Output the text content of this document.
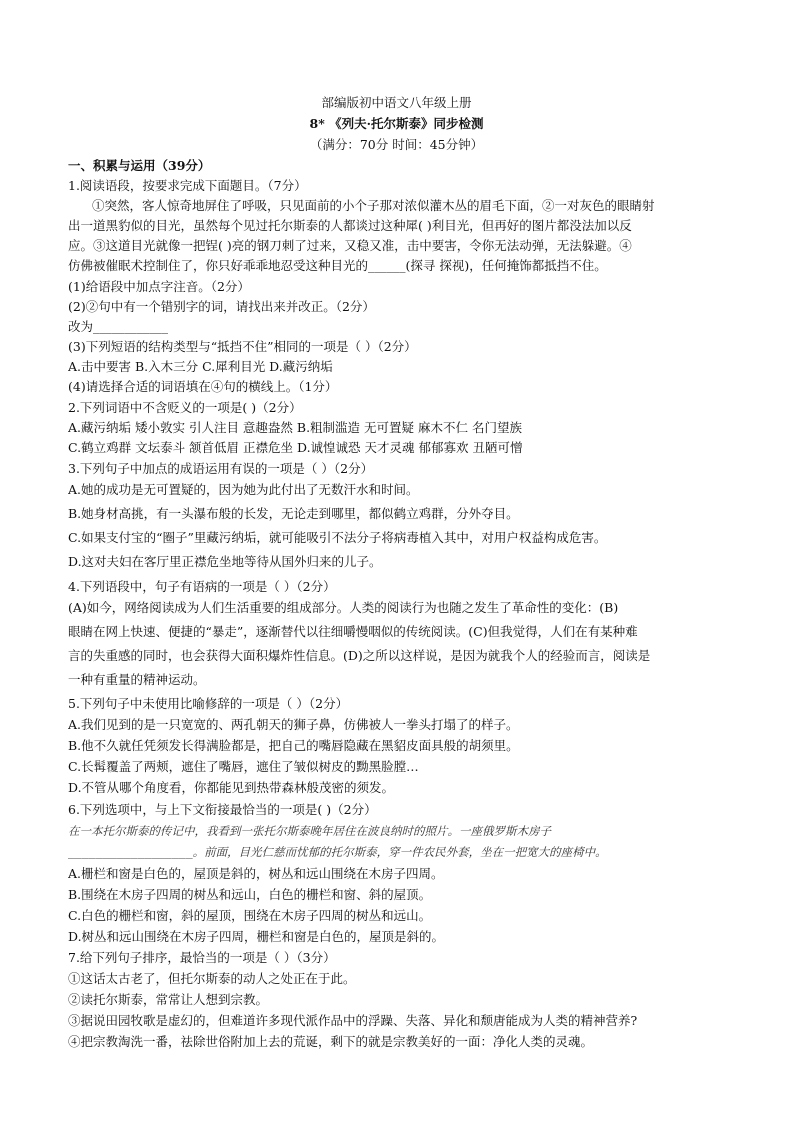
部编版初中语文八年级上册
8* 《列夫·托尔斯泰》同步检测
（满分：70分 时间：45分钟）
一、积累与运用（39分）
1.阅读语段，按要求完成下面题目。（7分）
①突然，客人惊奇地屏住了呼吸，只见面前的小个子那对浓似灌木丛的眉毛下面，②一对灰色的眼睛射
出一道黑豹似的目光，虽然每个见过托尔斯泰的人都谈过这种犀( )利目光，但再好的图片都没法加以反
应。③这道目光就像一把锃( )亮的钢刀刺了过来，又稳又准，击中要害，令你无法动弹，无法躲避。④
仿佛被催眠术控制住了，你只好乖乖地忍受这种目光的______(探寻 探视)，任何掩饰都抵挡不住。
(1)给语段中加点字注音。（2分）
(2)②句中有一个错别字的词，请找出来并改正。（2分）
改为____________
(3)下列短语的结构类型与“抵挡不住”相同的一项是（ ）（2分）
A.击中要害 B.入木三分 C.犀利目光 D.藏污纳垢
(4)请选择合适的词语填在④句的横线上。（1分）
2.下列词语中不含贬义的一项是( )（2分）
A.藏污纳垢 矮小敦实 引人注目 意趣盎然 B.粗制滥造 无可置疑 麻木不仁 名门望族
C.鹤立鸡群 文坛泰斗 颔首低眉 正襟危坐 D.诚惶诚恐 天才灵魂 郁郁寡欢 丑陋可憎
3.下列句子中加点的成语运用有误的一项是（ ）（2分）
A.她的成功是无可置疑的，因为她为此付出了无数汗水和时间。
B.她身材高挑，有一头瀑布般的长发，无论走到哪里，都似鹤立鸡群，分外夺目。
C.如果支付宝的“圈子”里藏污纳垢，就可能吸引不法分子将病毒植入其中，对用户权益构成危害。
D.这对夫妇在客厅里正襟危坐地等待从国外归来的儿子。
4.下列语段中，句子有语病的一项是（ ）（2分）
(A)如今，网络阅读成为人们生活重要的组成部分。人类的阅读行为也随之发生了革命性的变化：(B)
眼睛在网上快速、便捷的“暴走”，逐渐替代以往细嚼慢咽似的传统阅读。(C)但我觉得，人们在有某种难
言的失重感的同时，也会获得大面积爆炸性信息。(D)之所以这样说，是因为就我个人的经验而言，阅读是
一种有重量的精神运动。
5.下列句子中未使用比喻修辞的一项是（ ）（2分）
A.我们见到的是一只宽宽的、两孔朝天的狮子鼻，仿佛被人一拳头打塌了的样子。
B.他不久就任凭须发长得满脸都是，把自己的嘴唇隐藏在黑貂皮面具般的胡须里。
C.长髯覆盖了两颊，遮住了嘴唇，遮住了皱似树皮的黝黑脸膛…
D.不管从哪个角度看，你都能见到热带森林般茂密的须发。
6.下列选项中，与上下文衔接最恰当的一项是( )（2分）
在一本托尔斯泰的传记中，我看到一张托尔斯泰晚年居住在波良纳时的照片。一座俄罗斯木房子
__________________。前面，目光仁慈而忧郁的托尔斯泰，穿一件农民外套，坐在一把宽大的座椅中。
A.栅栏和窗是白色的，屋顶是斜的，树丛和远山围绕在木房子四周。
B.围绕在木房子四周的树丛和远山，白色的栅栏和窗、斜的屋顶。
C.白色的栅栏和窗，斜的屋顶，围绕在木房子四周的树丛和远山。
D.树丛和远山围绕在木房子四周，栅栏和窗是白色的，屋顶是斜的。
7.给下列句子排序，最恰当的一项是（ ）（3分）
①这话太古老了，但托尔斯泰的动人之处正在于此。
②读托尔斯泰，常常让人想到宗教。
③据说田园牧歌是虚幻的，但难道许多现代派作品中的浮躁、失落、异化和颓唐能成为人类的精神营养?
④把宗教淘洗一番，祛除世俗附加上去的荒诞，剩下的就是宗教美好的一面：净化人类的灵魂。
